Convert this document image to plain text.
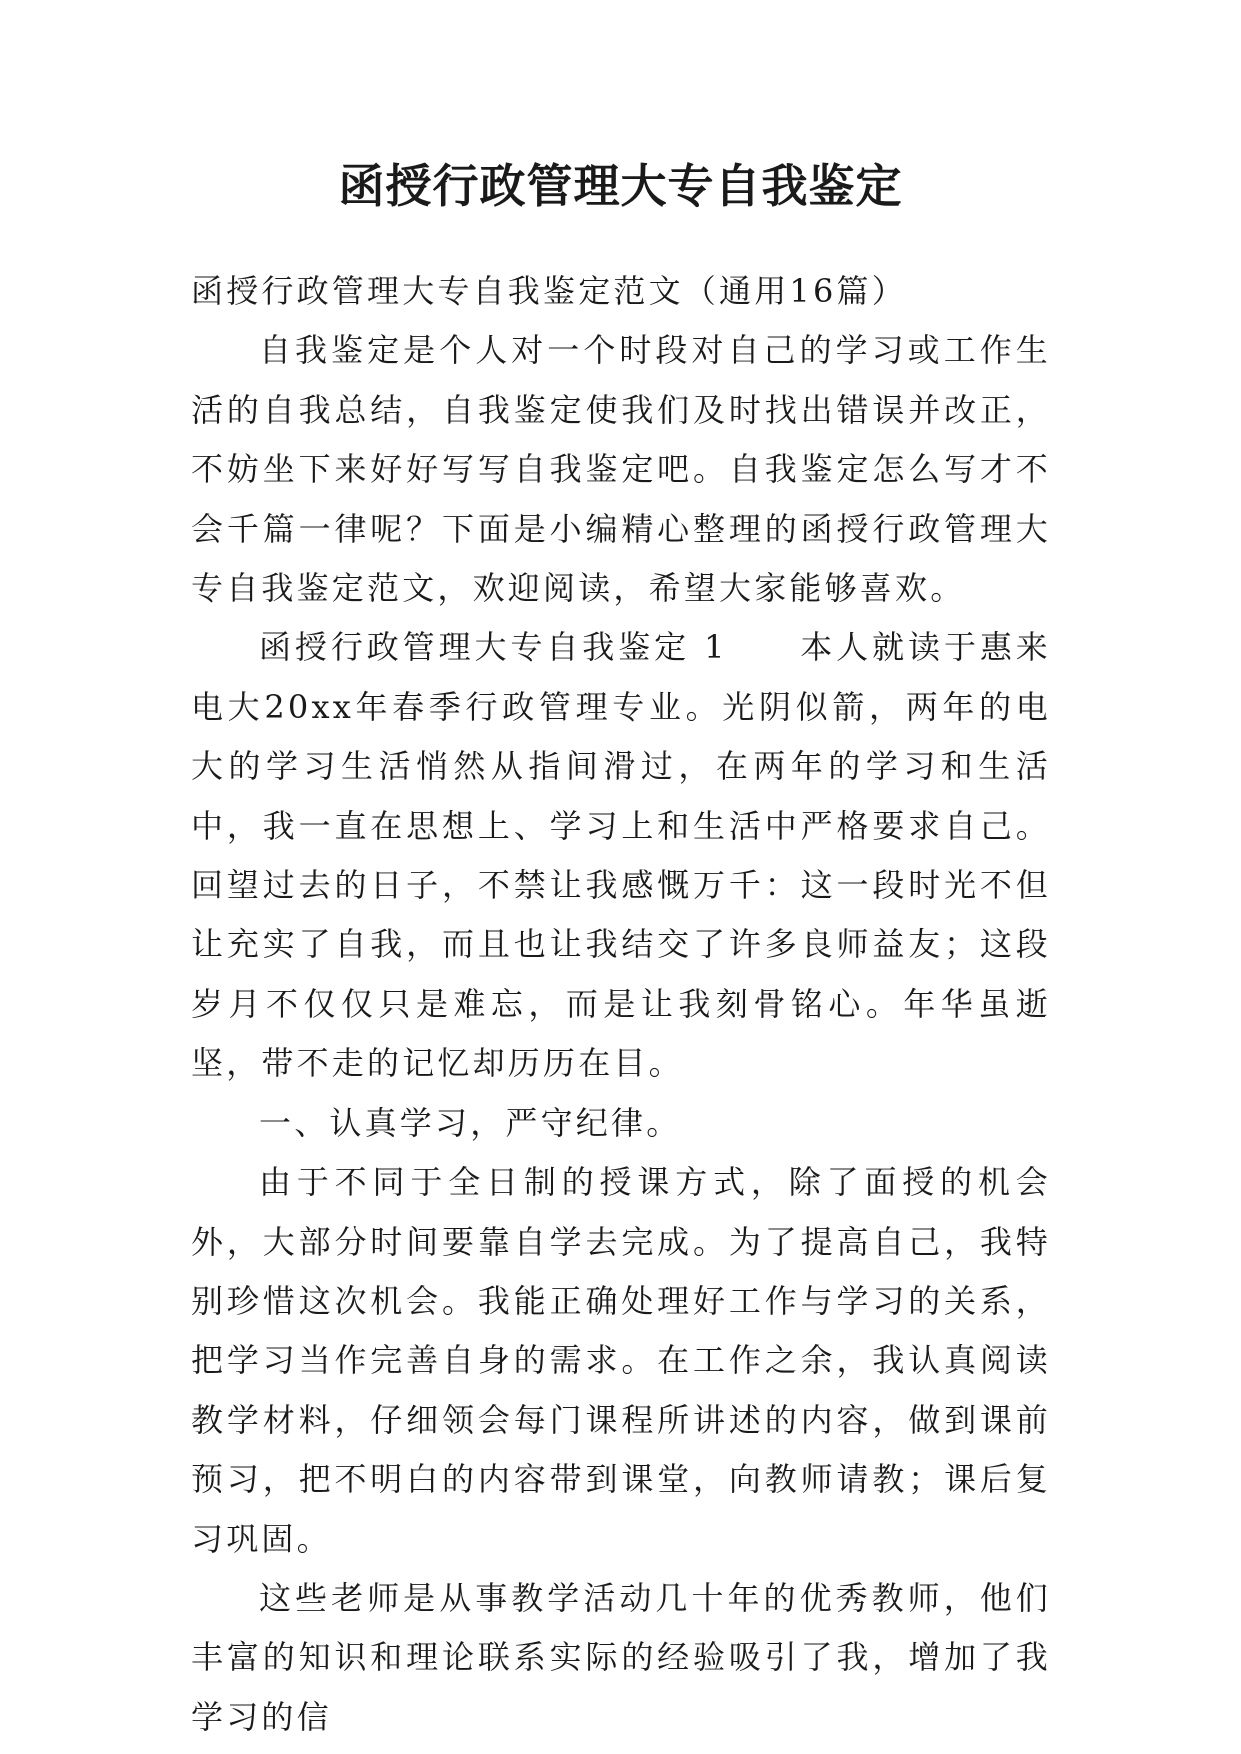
函授行政管理大专自我鉴定

函授行政管理大专自我鉴定范文（通用16篇）

自我鉴定是个人对一个时段对自己的学习或工作生活的自我总结，自我鉴定使我们及时找出错误并改正，不妨坐下来好好写写自我鉴定吧。自我鉴定怎么写才不会千篇一律呢？下面是小编精心整理的函授行政管理大专自我鉴定范文，欢迎阅读，希望大家能够喜欢。

函授行政管理大专自我鉴定 1　　本人就读于惠来电大20xx年春季行政管理专业。光阴似箭，两年的电大的学习生活悄然从指间滑过，在两年的学习和生活中，我一直在思想上、学习上和生活中严格要求自己。回望过去的日子，不禁让我感慨万千：这一段时光不但让充实了自我，而且也让我结交了许多良师益友；这段岁月不仅仅只是难忘，而是让我刻骨铭心。年华虽逝坚，带不走的记忆却历历在目。

一、认真学习，严守纪律。

由于不同于全日制的授课方式，除了面授的机会外，大部分时间要靠自学去完成。为了提高自己，我特别珍惜这次机会。我能正确处理好工作与学习的关系，把学习当作完善自身的需求。在工作之余，我认真阅读教学材料，仔细领会每门课程所讲述的内容，做到课前预习，把不明白的内容带到课堂，向教师请教；课后复习巩固。

这些老师是从事教学活动几十年的优秀教师，他们丰富的知识和理论联系实际的经验吸引了我，增加了我学习的信
